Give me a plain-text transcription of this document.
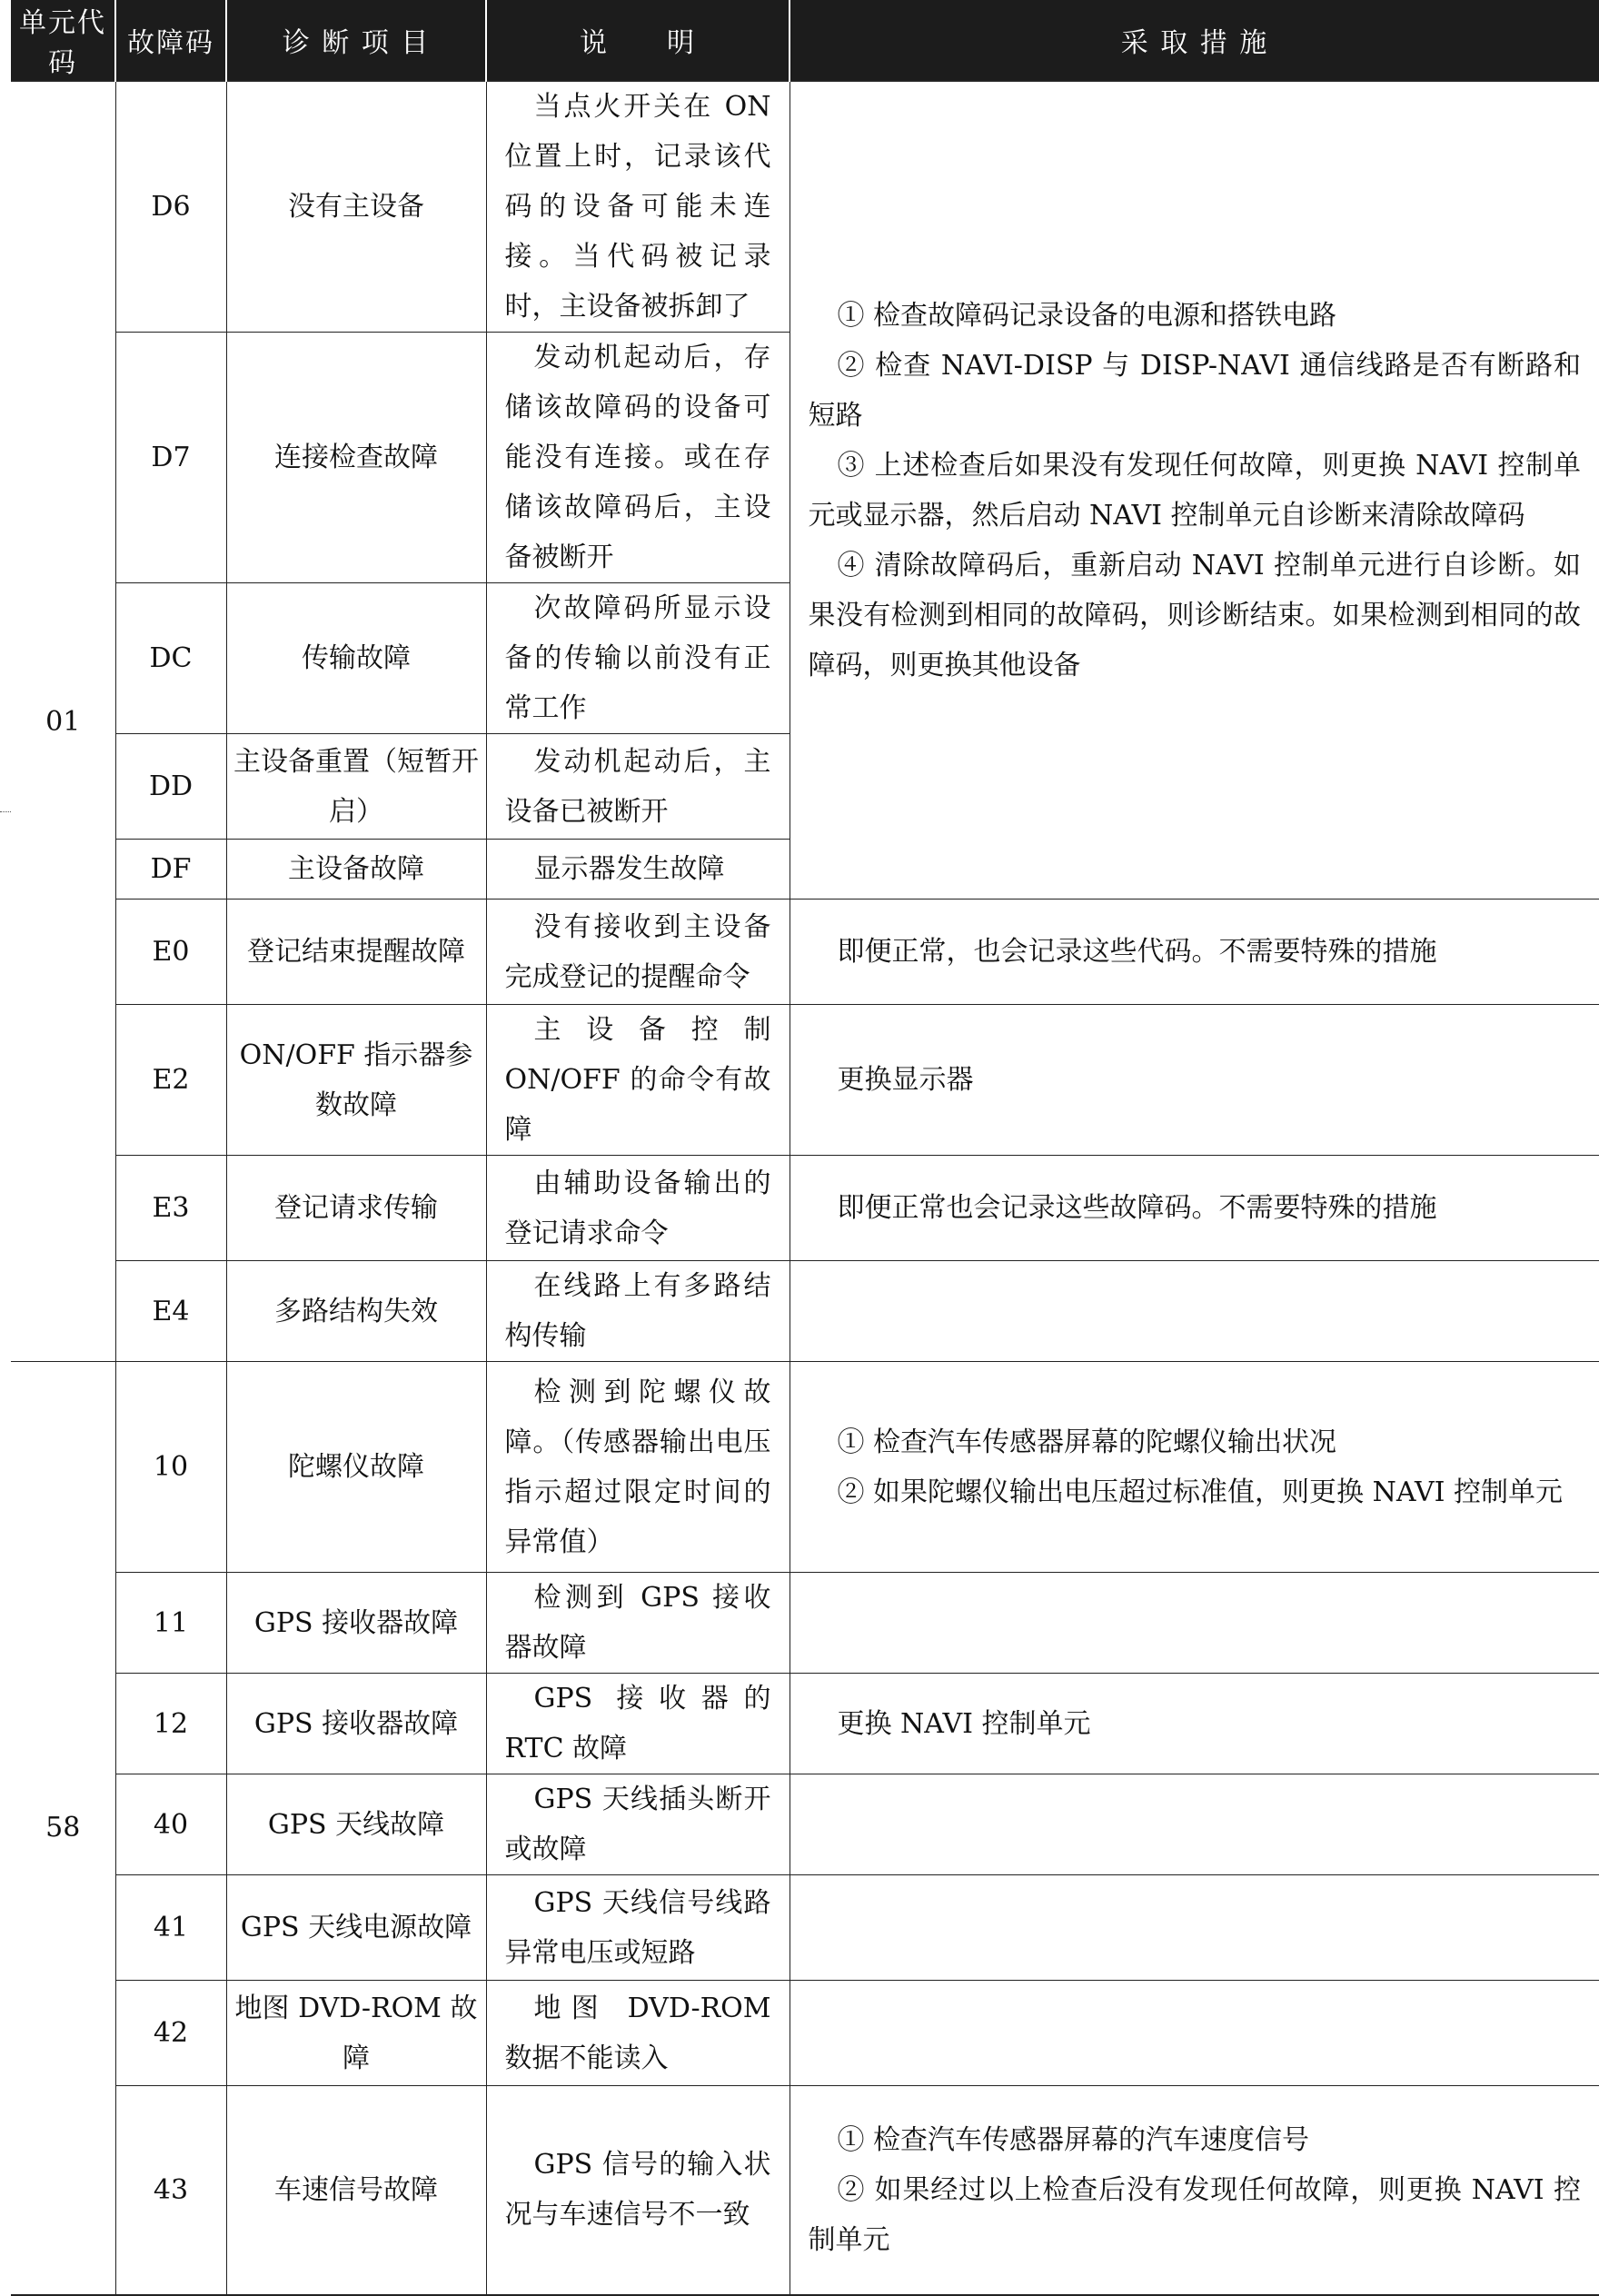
单元代码	故障码	诊 断 项 目	说　　明	采 取 措 施
01	D6	没有主设备	当点火开关在 ON 位置上时，记录该代码的设备可能未连接。当代码被记录时，主设备被拆卸了	① 检查故障码记录设备的电源和搭铁电路
② 检查 NAVI-DISP 与 DISP-NAVI 通信线路是否有断路和短路
③ 上述检查后如果没有发现任何故障，则更换 NAVI 控制单元或显示器，然后启动 NAVI 控制单元自诊断来清除故障码
④ 清除故障码后，重新启动 NAVI 控制单元进行自诊断。如果没有检测到相同的故障码，则诊断结束。如果检测到相同的故障码，则更换其他设备

	D7	连接检查故障	发动机起动后，存储该故障码的设备可能没有连接。或在存储该故障码后，主设备被断开	

	DC	传输故障	次故障码所显示设备的传输以前没有正常工作	

	DD	主设备重置（短暂开启）	发动机起动后，主设备已被断开	

	DF	主设备故障	显示器发生故障	

	E0	登记结束提醒故障	没有接收到主设备完成登记的提醒命令	即便正常，也会记录这些代码。不需要特殊的措施

	E2	ON/OFF 指示器参数故障	主设备控制 ON/OFF 的命令有故障	更换显示器

	E3	登记请求传输	由辅助设备输出的登记请求命令	即便正常也会记录这些故障码。不需要特殊的措施

	E4	多路结构失效	在线路上有多路结构传输	

58	10	陀螺仪故障	检测到陀螺仪故障。（传感器输出电压指示超过限定时间的异常值）	① 检查汽车传感器屏幕的陀螺仪输出状况
② 如果陀螺仪输出电压超过标准值，则更换 NAVI 控制单元

	11	GPS 接收器故障	检测到 GPS 接收器故障	

	12	GPS 接收器故障	GPS 接收器的 RTC 故障	更换 NAVI 控制单元

	40	GPS 天线故障	GPS 天线插头断开或故障	

	41	GPS 天线电源故障	GPS 天线信号线路异常电压或短路	

	42	地图 DVD-ROM 故障	地图 DVD-ROM 数据不能读入	

	43	车速信号故障	GPS 信号的输入状况与车速信号不一致	① 检查汽车传感器屏幕的汽车速度信号
② 如果经过以上检查后没有发现任何故障，则更换 NAVI 控制单元
